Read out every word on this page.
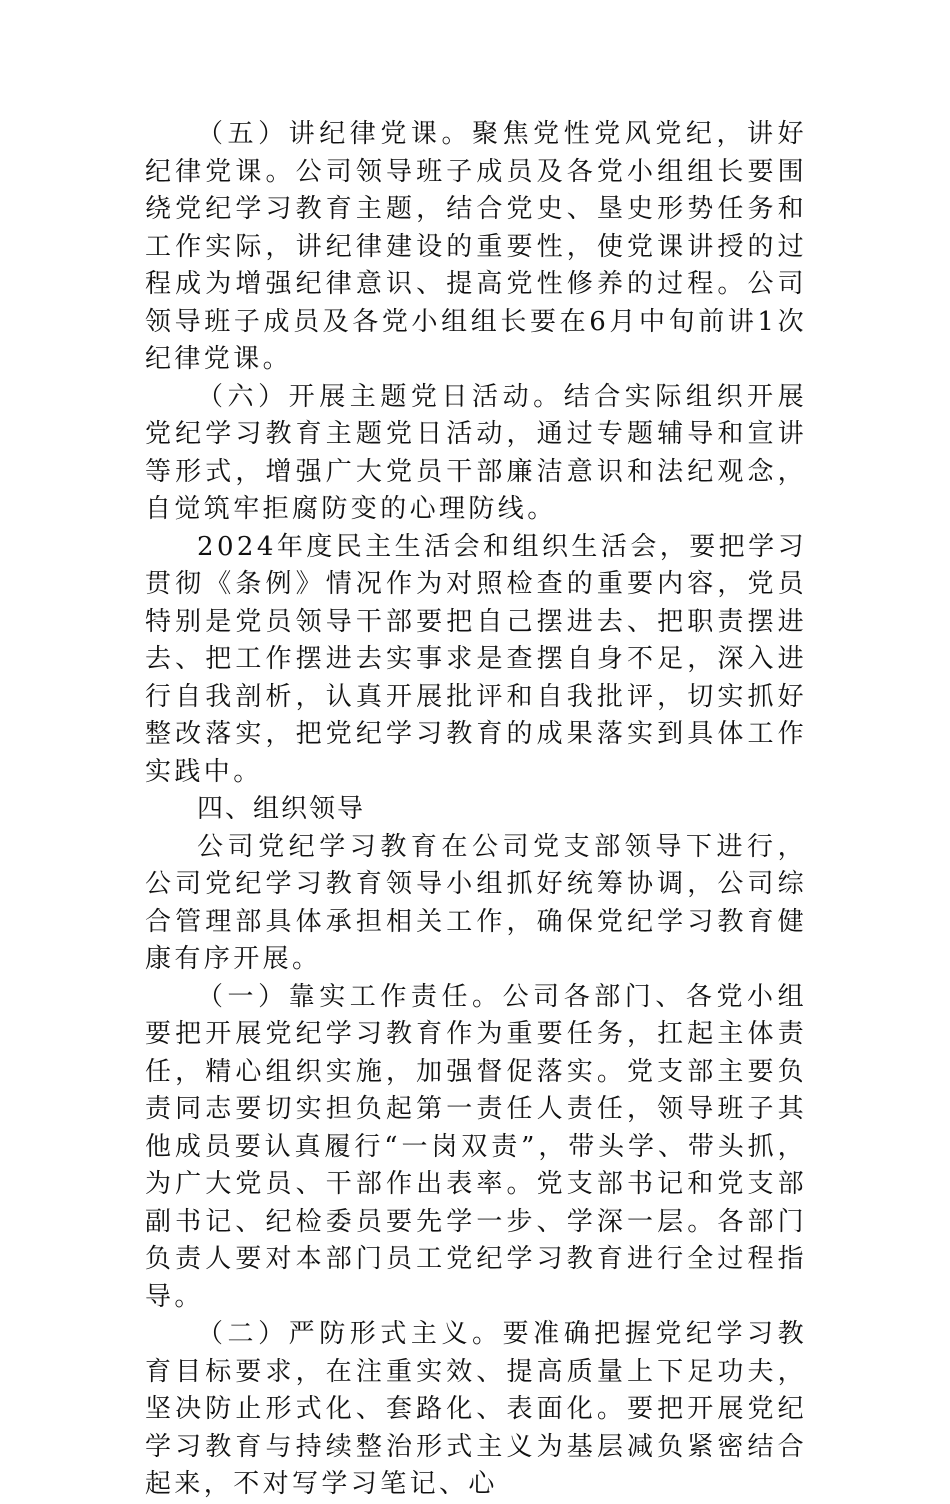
（五）讲纪律党课。聚焦党性党风党纪，讲好纪律党课。公司领导班子成员及各党小组组长要围绕党纪学习教育主题，结合党史、垦史形势任务和工作实际，讲纪律建设的重要性，使党课讲授的过程成为增强纪律意识、提高党性修养的过程。公司领导班子成员及各党小组组长要在6月中旬前讲1次纪律党课。

（六）开展主题党日活动。结合实际组织开展党纪学习教育主题党日活动，通过专题辅导和宣讲等形式，增强广大党员干部廉洁意识和法纪观念，自觉筑牢拒腐防变的心理防线。

2024年度民主生活会和组织生活会，要把学习贯彻《条例》情况作为对照检查的重要内容，党员特别是党员领导干部要把自己摆进去、把职责摆进去、把工作摆进去实事求是查摆自身不足，深入进行自我剖析，认真开展批评和自我批评，切实抓好整改落实，把党纪学习教育的成果落实到具体工作实践中。

四、组织领导

公司党纪学习教育在公司党支部领导下进行，公司党纪学习教育领导小组抓好统筹协调，公司综合管理部具体承担相关工作，确保党纪学习教育健康有序开展。

（一）靠实工作责任。公司各部门、各党小组要把开展党纪学习教育作为重要任务，扛起主体责任，精心组织实施，加强督促落实。党支部主要负责同志要切实担负起第一责任人责任，领导班子其他成员要认真履行“一岗双责”，带头学、带头抓，为广大党员、干部作出表率。党支部书记和党支部副书记、纪检委员要先学一步、学深一层。各部门负责人要对本部门员工党纪学习教育进行全过程指导。

（二）严防形式主义。要准确把握党纪学习教育目标要求，在注重实效、提高质量上下足功夫，坚决防止形式化、套路化、表面化。要把开展党纪学习教育与持续整治形式主义为基层减负紧密结合起来，不对写学习笔记、心
